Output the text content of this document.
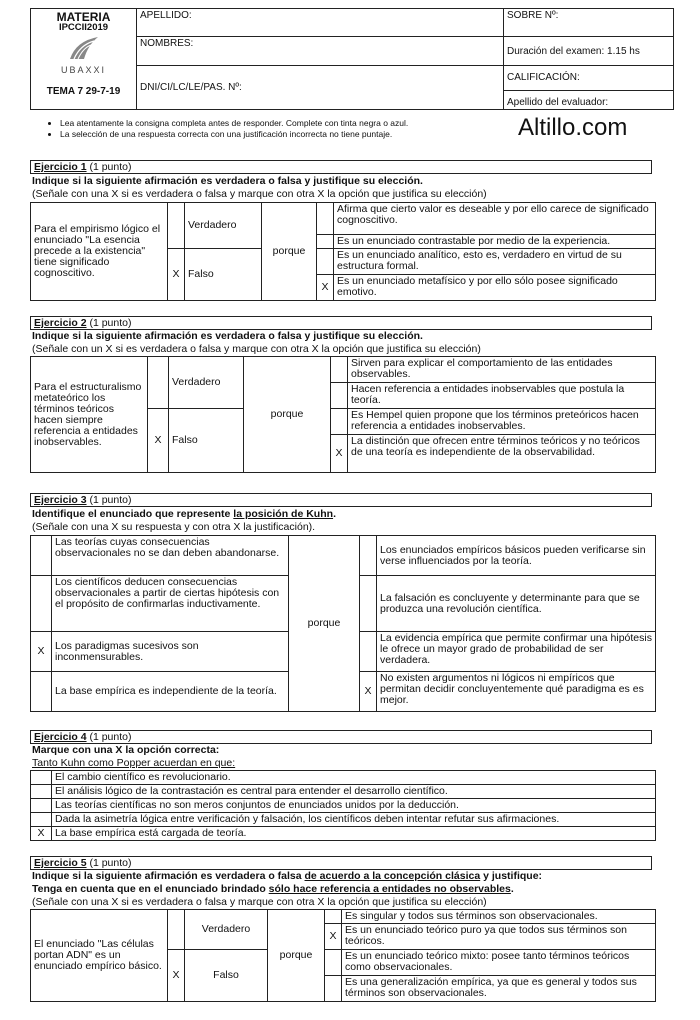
MATERIA
IPCCII2019
UBAXXI
TEMA 7 29-7-19	APELLIDO:	SOBRE Nº:
	NOMBRES:	Duración del examen: 1.15 hs
	DNI/CI/LC/LE/PAS. Nº:	CALIFICACIÓN:
Apellido del evaluador:
• Lea atentamente la consigna completa antes de responder. Complete con tinta negra o azul.
• La selección de una respuesta correcta con una justificación incorrecta no tiene puntaje.	Altillo.com
Ejercicio 1 (1 punto)
Indique si la siguiente afirmación es verdadera o falsa y justifique su elección.
(Señale con una X si es verdadera o falsa y marque con otra X la opción que justifica su elección)
Para el empirismo lógico el enunciado "La esencia precede a la existencia" tiene significado cognoscitivo.		Verdadero	porque		Afirma que cierto valor es deseable y por ello carece de significado cognoscitivo.
					Es un enunciado contrastable por medio de la experiencia.
	X	Falso			Es un enunciado analítico, esto es, verdadero en virtud de su estructura formal.
				X	Es un enunciado metafísico y por ello sólo posee significado emotivo.
Ejercicio 2 (1 punto)
Indique si la siguiente afirmación es verdadera o falsa y justifique su elección.
(Señale con un X si es verdadera o falsa y marque con otra X la opción que justifica su elección)
Para el estructuralismo metateórico los términos teóricos hacen siempre referencia a entidades inobservables.		Verdadero	porque		Sirven para explicar el comportamiento de las entidades observables.
					Hacen referencia a entidades inobservables que postula la teoría.
	X	Falso			Es Hempel quien propone que los términos preteóricos hacen referencia a entidades inobservables.
				X	La distinción que ofrecen entre términos teóricos y no teóricos de una teoría es independiente de la observabilidad.
Ejercicio 3 (1 punto)
Identifique el enunciado que represente la posición de Kuhn.
(Señale con una X su respuesta y con otra X la justificación).
	Las teorías cuyas consecuencias observacionales no se dan deben abandonarse.	porque		Los enunciados empíricos básicos pueden verificarse sin verse influenciados por la teoría.
	Los científicos deducen consecuencias observacionales a partir de ciertas hipótesis con el propósito de confirmarlas inductivamente.			La falsación es concluyente y determinante para que se produzca una revolución científica.
X	Los paradigmas sucesivos son inconmensurables.			La evidencia empírica que permite confirmar una hipótesis le ofrece un mayor grado de probabilidad de ser verdadera.
	La base empírica es independiente de la teoría.		X	No existen argumentos ni lógicos ni empíricos que permitan decidir concluyentemente qué paradigma es es mejor.
Ejercicio 4 (1 punto)
Marque con una X la opción correcta:
Tanto Kuhn como Popper acuerdan en que:
	El cambio científico es revolucionario.
	El análisis lógico de la contrastación es central para entender el desarrollo científico.
	Las teorías científicas no son meros conjuntos de enunciados unidos por la deducción.
	Dada la asimetría lógica entre verificación y falsación, los científicos deben intentar refutar sus afirmaciones.
X	La base empírica está cargada de teoría.
Ejercicio 5 (1 punto)
Indique si la siguiente afirmación es verdadera o falsa de acuerdo a la concepción clásica y justifique:
Tenga en cuenta que en el enunciado brindado sólo hace referencia a entidades no observables.
(Señale con una X si es verdadera o falsa y marque con otra X la opción que justifica su elección)
El enunciado "Las células portan ADN" es un enunciado empírico básico.		Verdadero	porque		Es singular y todos sus términos son observacionales.
				X	Es un enunciado teórico puro ya que todos sus términos son teóricos.
	X	Falso			Es un enunciado teórico mixto: posee tanto términos teóricos como observacionales.
					Es una generalización empírica, ya que es general y todos sus términos son observacionales.
